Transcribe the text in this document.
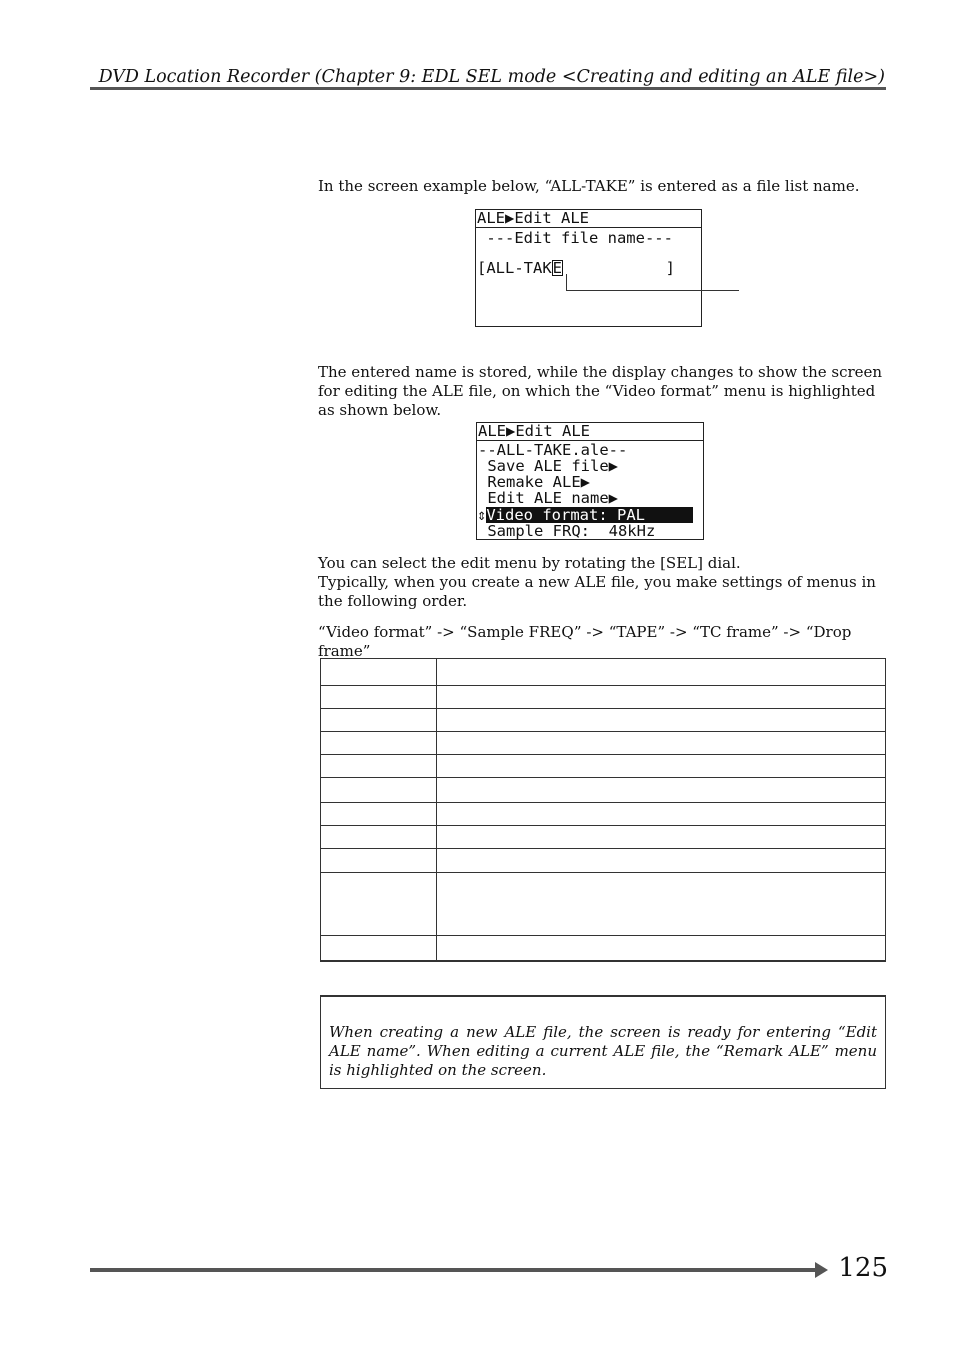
DVD Location Recorder (Chapter 9: EDL SEL mode <Creating and editing an ALE file>)
In the screen example below, “ALL-TAKE” is entered as a file list name.
ALE▶Edit ALE
---Edit file name---
[ALL-TAKE           ]
The entered name is stored, while the display changes to show the screen for editing the ALE file, on which the “Video format” menu is highlighted as shown below.
ALE▶Edit ALE
--ALL-TAKE.ale--
Save ALE file▶
Remake ALE▶
Edit ALE name▶
⇕Video format: PAL
Sample FRQ:  48kHz
You can select the edit menu by rotating the [SEL] dial.
Typically, when you create a new ALE file, you make settings of menus in the following order.
“Video format” -> “Sample FREQ” -> “TAPE” -> “TC frame” -> “Drop frame”

When creating a new ALE file, the screen is ready for entering “Edit ALE name”. When editing a current ALE file, the “Remark ALE” menu is highlighted on the screen.
125
